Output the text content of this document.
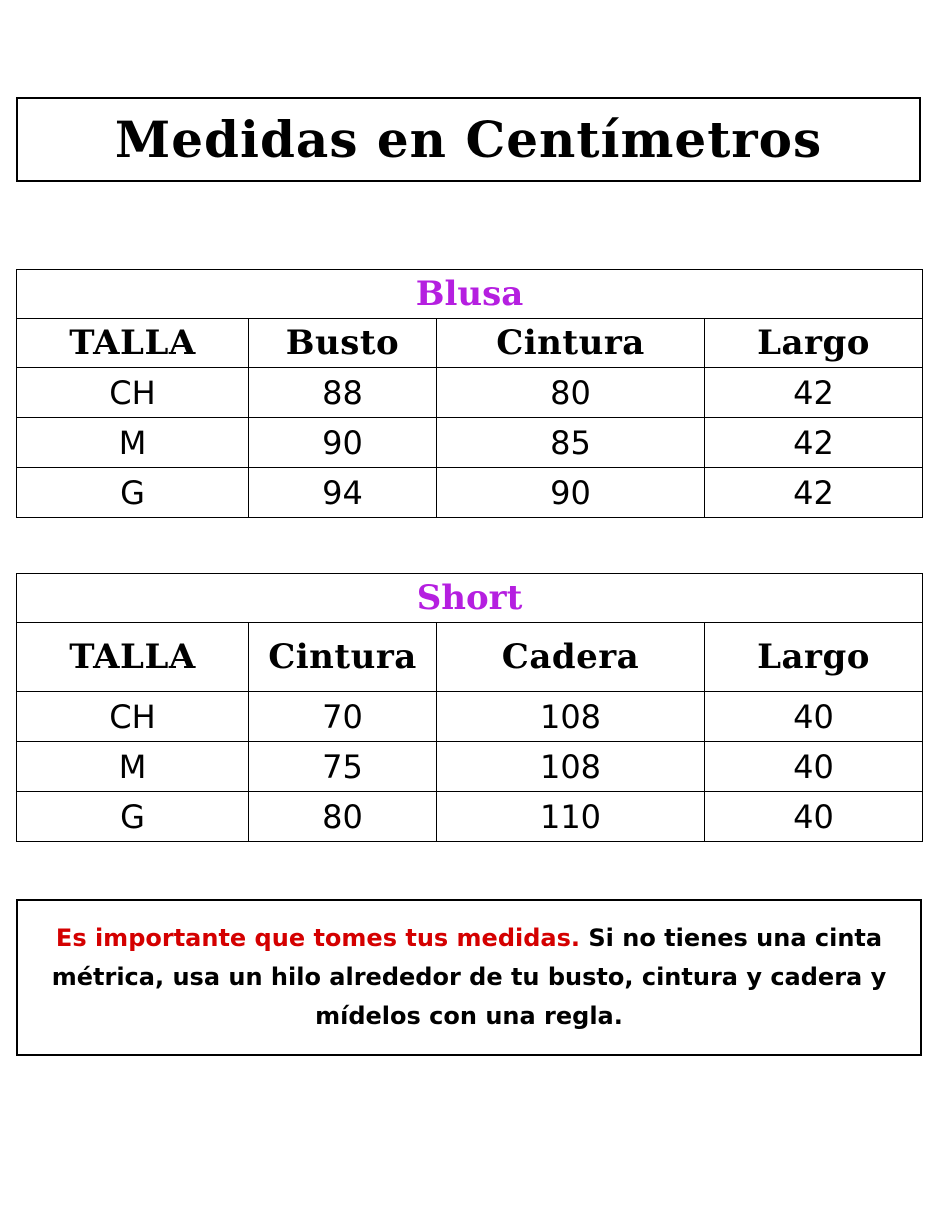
Medidas en Centímetros
Blusa			
TALLA	Busto	Cintura	Largo
CH	88	80	42
M	90	85	42
G	94	90	42
Short			
TALLA	Cintura	Cadera	Largo
CH	70	108	40
M	75	108	40
G	80	110	40
Es importante que tomes tus medidas. Si no tienes una cinta métrica, usa un hilo alrededor de tu busto, cintura y cadera y mídelos con una regla.
